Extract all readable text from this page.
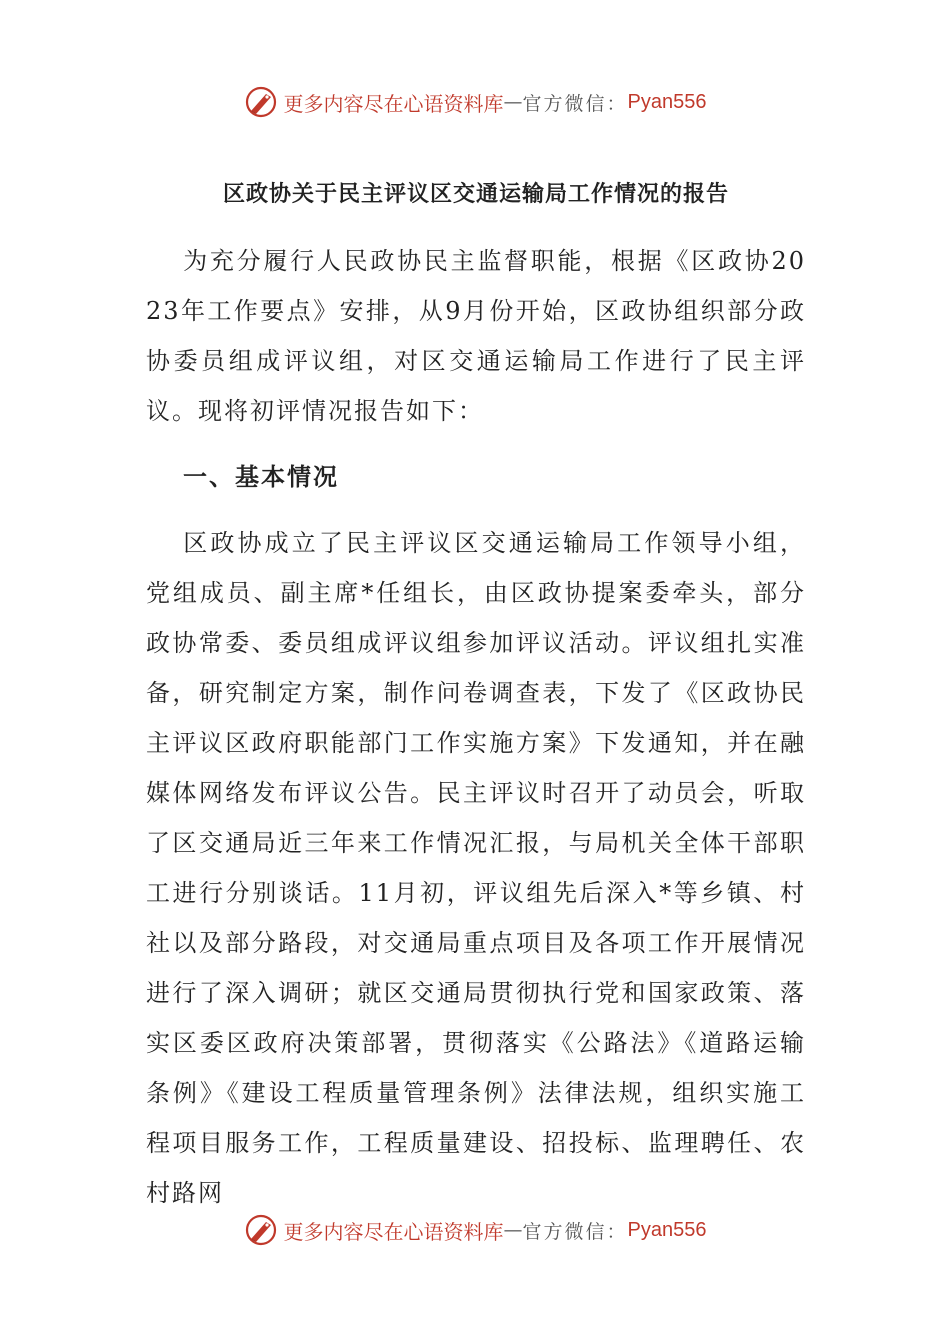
更多内容尽在心语资料库 — 官方微信： Pyan556
区政协关于民主评议区交通运输局工作情况的报告

为充分履行人民政协民主监督职能，根据《区政协2023年工作要点》安排，从9月份开始，区政协组织部分政协委员组成评议组，对区交通运输局工作进行了民主评议。现将初评情况报告如下：

一、基本情况

区政协成立了民主评议区交通运输局工作领导小组，党组成员、副主席*任组长，由区政协提案委牵头，部分政协常委、委员组成评议组参加评议活动。评议组扎实准备，研究制定方案，制作问卷调查表，下发了《区政协民主评议区政府职能部门工作实施方案》下发通知，并在融媒体网络发布评议公告。民主评议时召开了动员会，听取了区交通局近三年来工作情况汇报，与局机关全体干部职工进行分别谈话。11月初，评议组先后深入*等乡镇、村社以及部分路段，对交通局重点项目及各项工作开展情况进行了深入调研；就区交通局贯彻执行党和国家政策、落实区委区政府决策部署，贯彻落实《公路法》《道路运输条例》《建设工程质量管理条例》法律法规，组织实施工程项目服务工作，工程质量建设、招投标、监理聘任、农村路网

更多内容尽在心语资料库 — 官方微信： Pyan556
